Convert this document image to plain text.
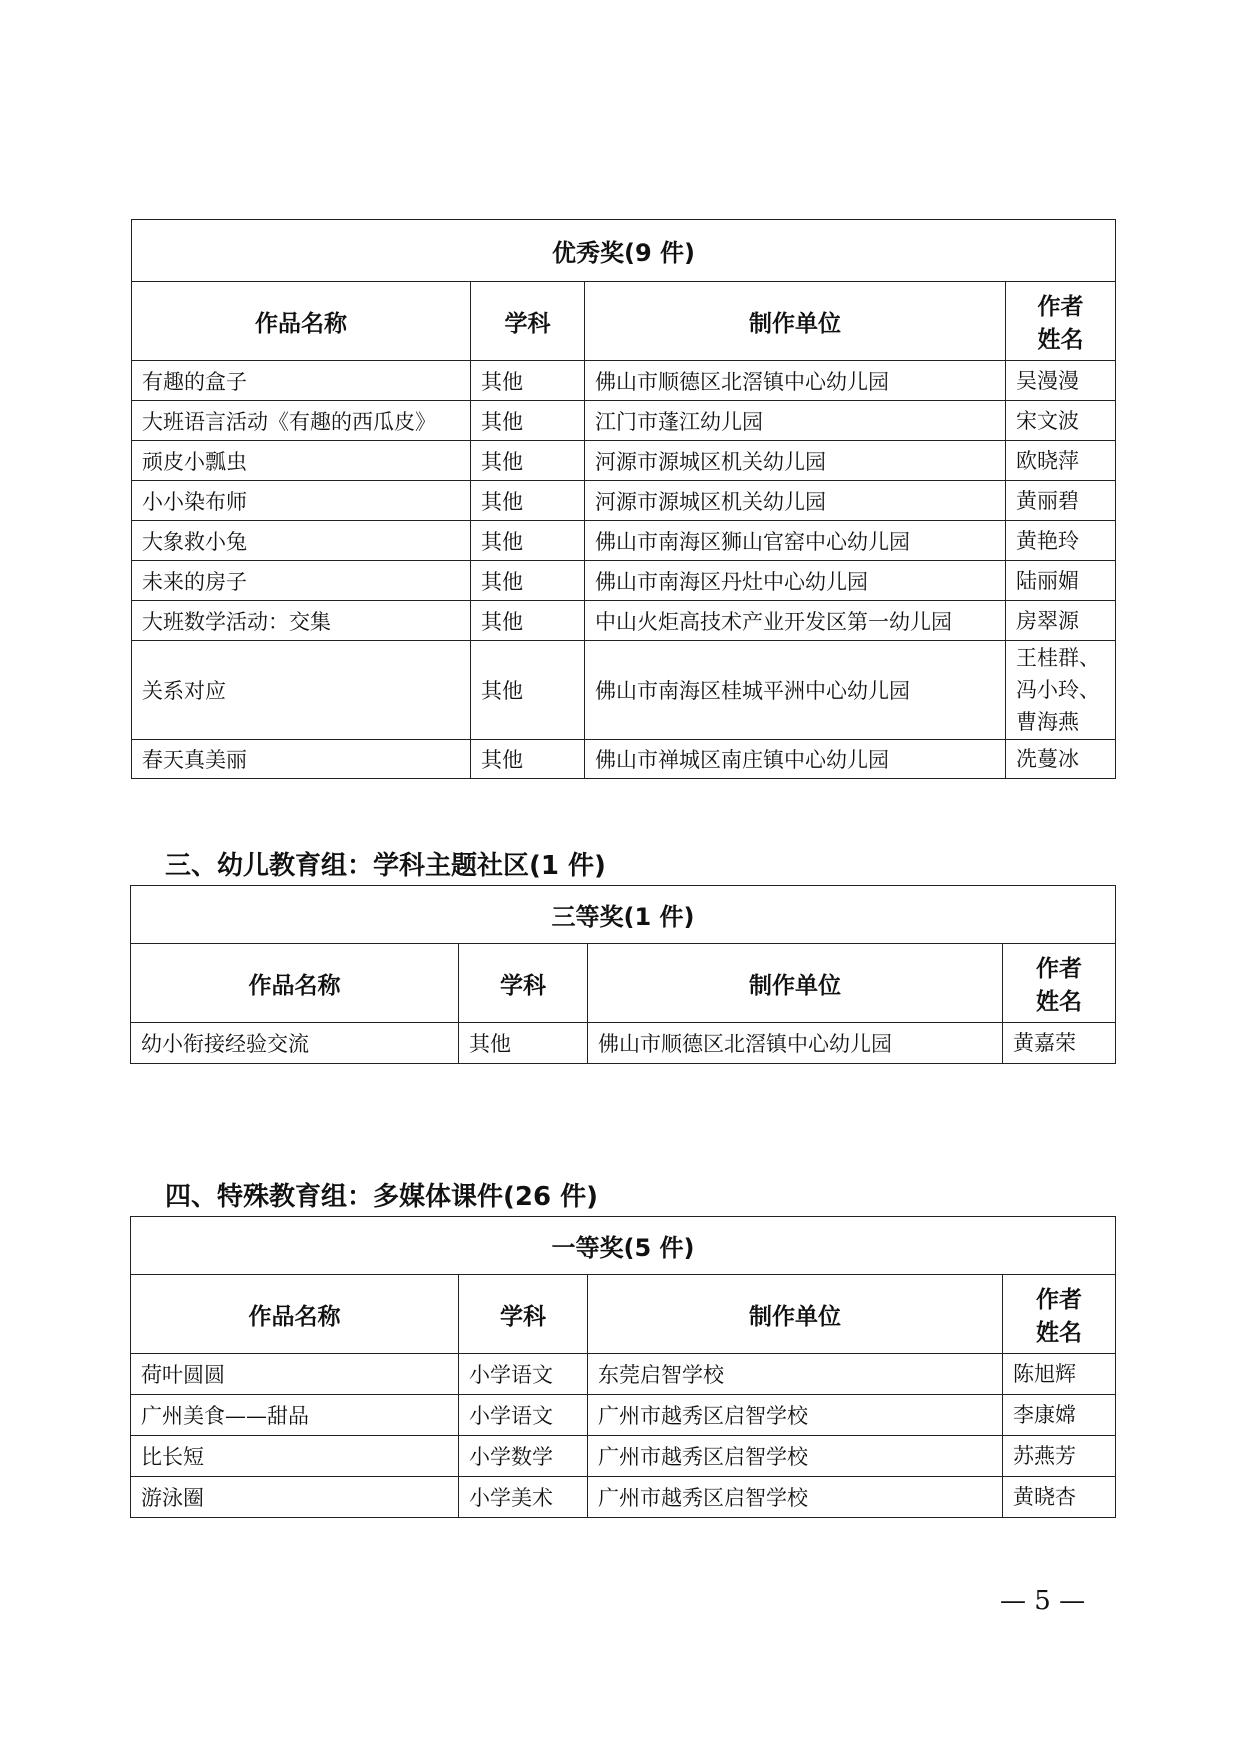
优秀奖(9 件)			
作品名称	学科	制作单位	作者
姓名
有趣的盒子	其他	佛山市顺德区北滘镇中心幼儿园	吴漫漫
大班语言活动《有趣的西瓜皮》	其他	江门市蓬江幼儿园	宋文波
顽皮小瓢虫	其他	河源市源城区机关幼儿园	欧晓萍
小小染布师	其他	河源市源城区机关幼儿园	黄丽碧
大象救小兔	其他	佛山市南海区狮山官窑中心幼儿园	黄艳玲
未来的房子	其他	佛山市南海区丹灶中心幼儿园	陆丽媚
大班数学活动：交集	其他	中山火炬高技术产业开发区第一幼儿园	房翠源
关系对应	其他	佛山市南海区桂城平洲中心幼儿园	王桂群、冯小玲、曹海燕
春天真美丽	其他	佛山市禅城区南庄镇中心幼儿园	冼蔓冰
三、幼儿教育组：学科主题社区(1 件)
三等奖(1 件)			
作品名称	学科	制作单位	作者
姓名
幼小衔接经验交流	其他	佛山市顺德区北滘镇中心幼儿园	黄嘉荣
四、特殊教育组：多媒体课件(26 件)
一等奖(5 件)			
作品名称	学科	制作单位	作者
姓名
荷叶圆圆	小学语文	东莞启智学校	陈旭辉
广州美食——甜品	小学语文	广州市越秀区启智学校	李康嫦
比长短	小学数学	广州市越秀区启智学校	苏燕芳
游泳圈	小学美术	广州市越秀区启智学校	黄晓杏
— 5 —
